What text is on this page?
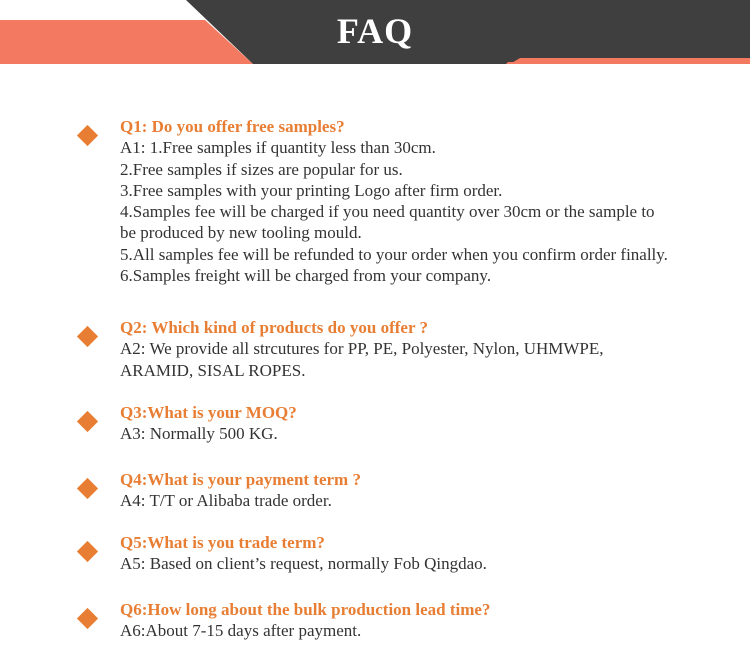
FAQ

Q1: Do you offer free samples?

A1: 1.Free samples if quantity less than 30cm.
2.Free samples if sizes are popular for us.
3.Free samples with your printing Logo after firm order.
4.Samples fee will be charged if you need quantity over 30cm or the sample to
be produced by new tooling mould.
5.All samples fee will be refunded to your order when you confirm order finally.
6.Samples freight will be charged from your company.

Q2: Which kind of products do you offer ?

A2: We provide all strcutures for PP, PE, Polyester, Nylon, UHMWPE,
ARAMID, SISAL ROPES.

Q3:What is your MOQ?

A3: Normally 500 KG.

Q4:What is your payment term ?

A4: T/T or Alibaba trade order.

Q5:What is you trade term?

A5: Based on client’s request, normally Fob Qingdao.

Q6:How long about the bulk production lead time?

A6:About 7-15 days after payment.
